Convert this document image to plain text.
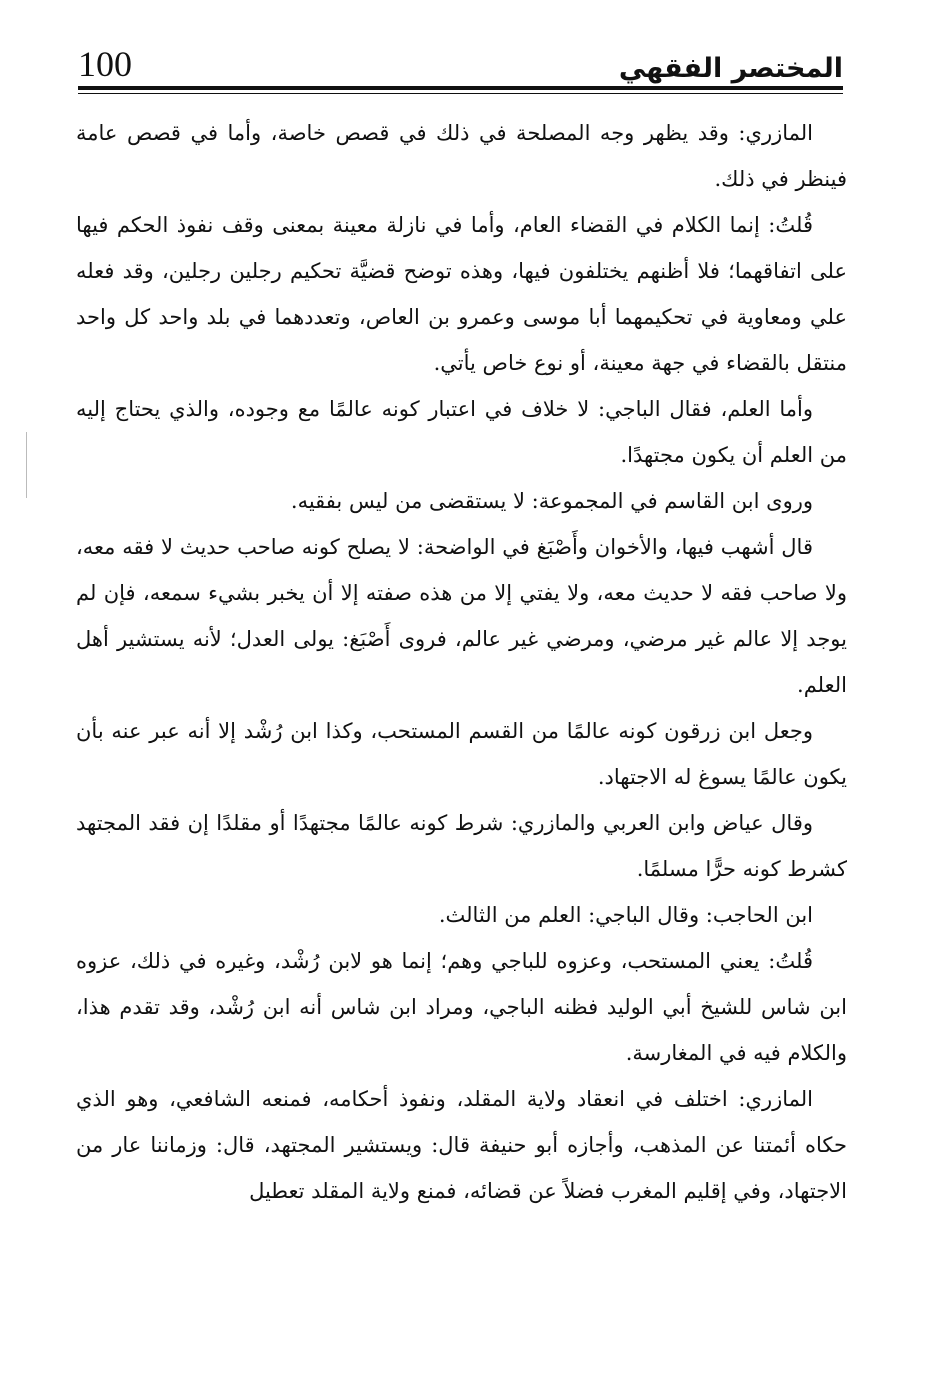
100	المختصر الفقهي

المازري: وقد يظهر وجه المصلحة في ذلك في قصص خاصة، وأما في قصص عامة فينظر في ذلك.

قُلتُ: إنما الكلام في القضاء العام، وأما في نازلة معينة بمعنى وقف نفوذ الحكم فيها على اتفاقهما؛ فلا أظنهم يختلفون فيها، وهذه توضح قضيَّة تحكيم رجلين رجلين، وقد فعله علي ومعاوية في تحكيمهما أبا موسى وعمرو بن العاص، وتعددهما في بلد واحد كل واحد منتقل بالقضاء في جهة معينة، أو نوع خاص يأتي.

وأما العلم، فقال الباجي: لا خلاف في اعتبار كونه عالمًا مع وجوده، والذي يحتاج إليه من العلم أن يكون مجتهدًا.

وروى ابن القاسم في المجموعة: لا يستقضى من ليس بفقيه.

قال أشهب فيها، والأخوان وأَصْبَغ في الواضحة: لا يصلح كونه صاحب حديث لا فقه معه، ولا صاحب فقه لا حديث معه، ولا يفتي إلا من هذه صفته إلا أن يخبر بشيء سمعه، فإن لم يوجد إلا عالم غير مرضي، ومرضي غير عالم، فروى أَصْبَغ: يولى العدل؛ لأنه يستشير أهل العلم.

وجعل ابن زرقون كونه عالمًا من القسم المستحب، وكذا ابن رُشْد إلا أنه عبر عنه بأن يكون عالمًا يسوغ له الاجتهاد.

وقال عياض وابن العربي والمازري: شرط كونه عالمًا مجتهدًا أو مقلدًا إن فقد المجتهد كشرط كونه حرًّا مسلمًا.

ابن الحاجب: وقال الباجي: العلم من الثالث.

قُلتُ: يعني المستحب، وعزوه للباجي وهم؛ إنما هو لابن رُشْد، وغيره في ذلك، عزوه ابن شاس للشيخ أبي الوليد فظنه الباجي، ومراد ابن شاس أنه ابن رُشْد، وقد تقدم هذا، والكلام فيه في المغارسة.

المازري: اختلف في انعقاد ولاية المقلد، ونفوذ أحكامه، فمنعه الشافعي، وهو الذي حكاه أئمتنا عن المذهب، وأجازه أبو حنيفة قال: ويستشير المجتهد، قال: وزماننا عار من الاجتهاد، وفي إقليم المغرب فضلاً عن قضائه، فمنع ولاية المقلد تعطيل
